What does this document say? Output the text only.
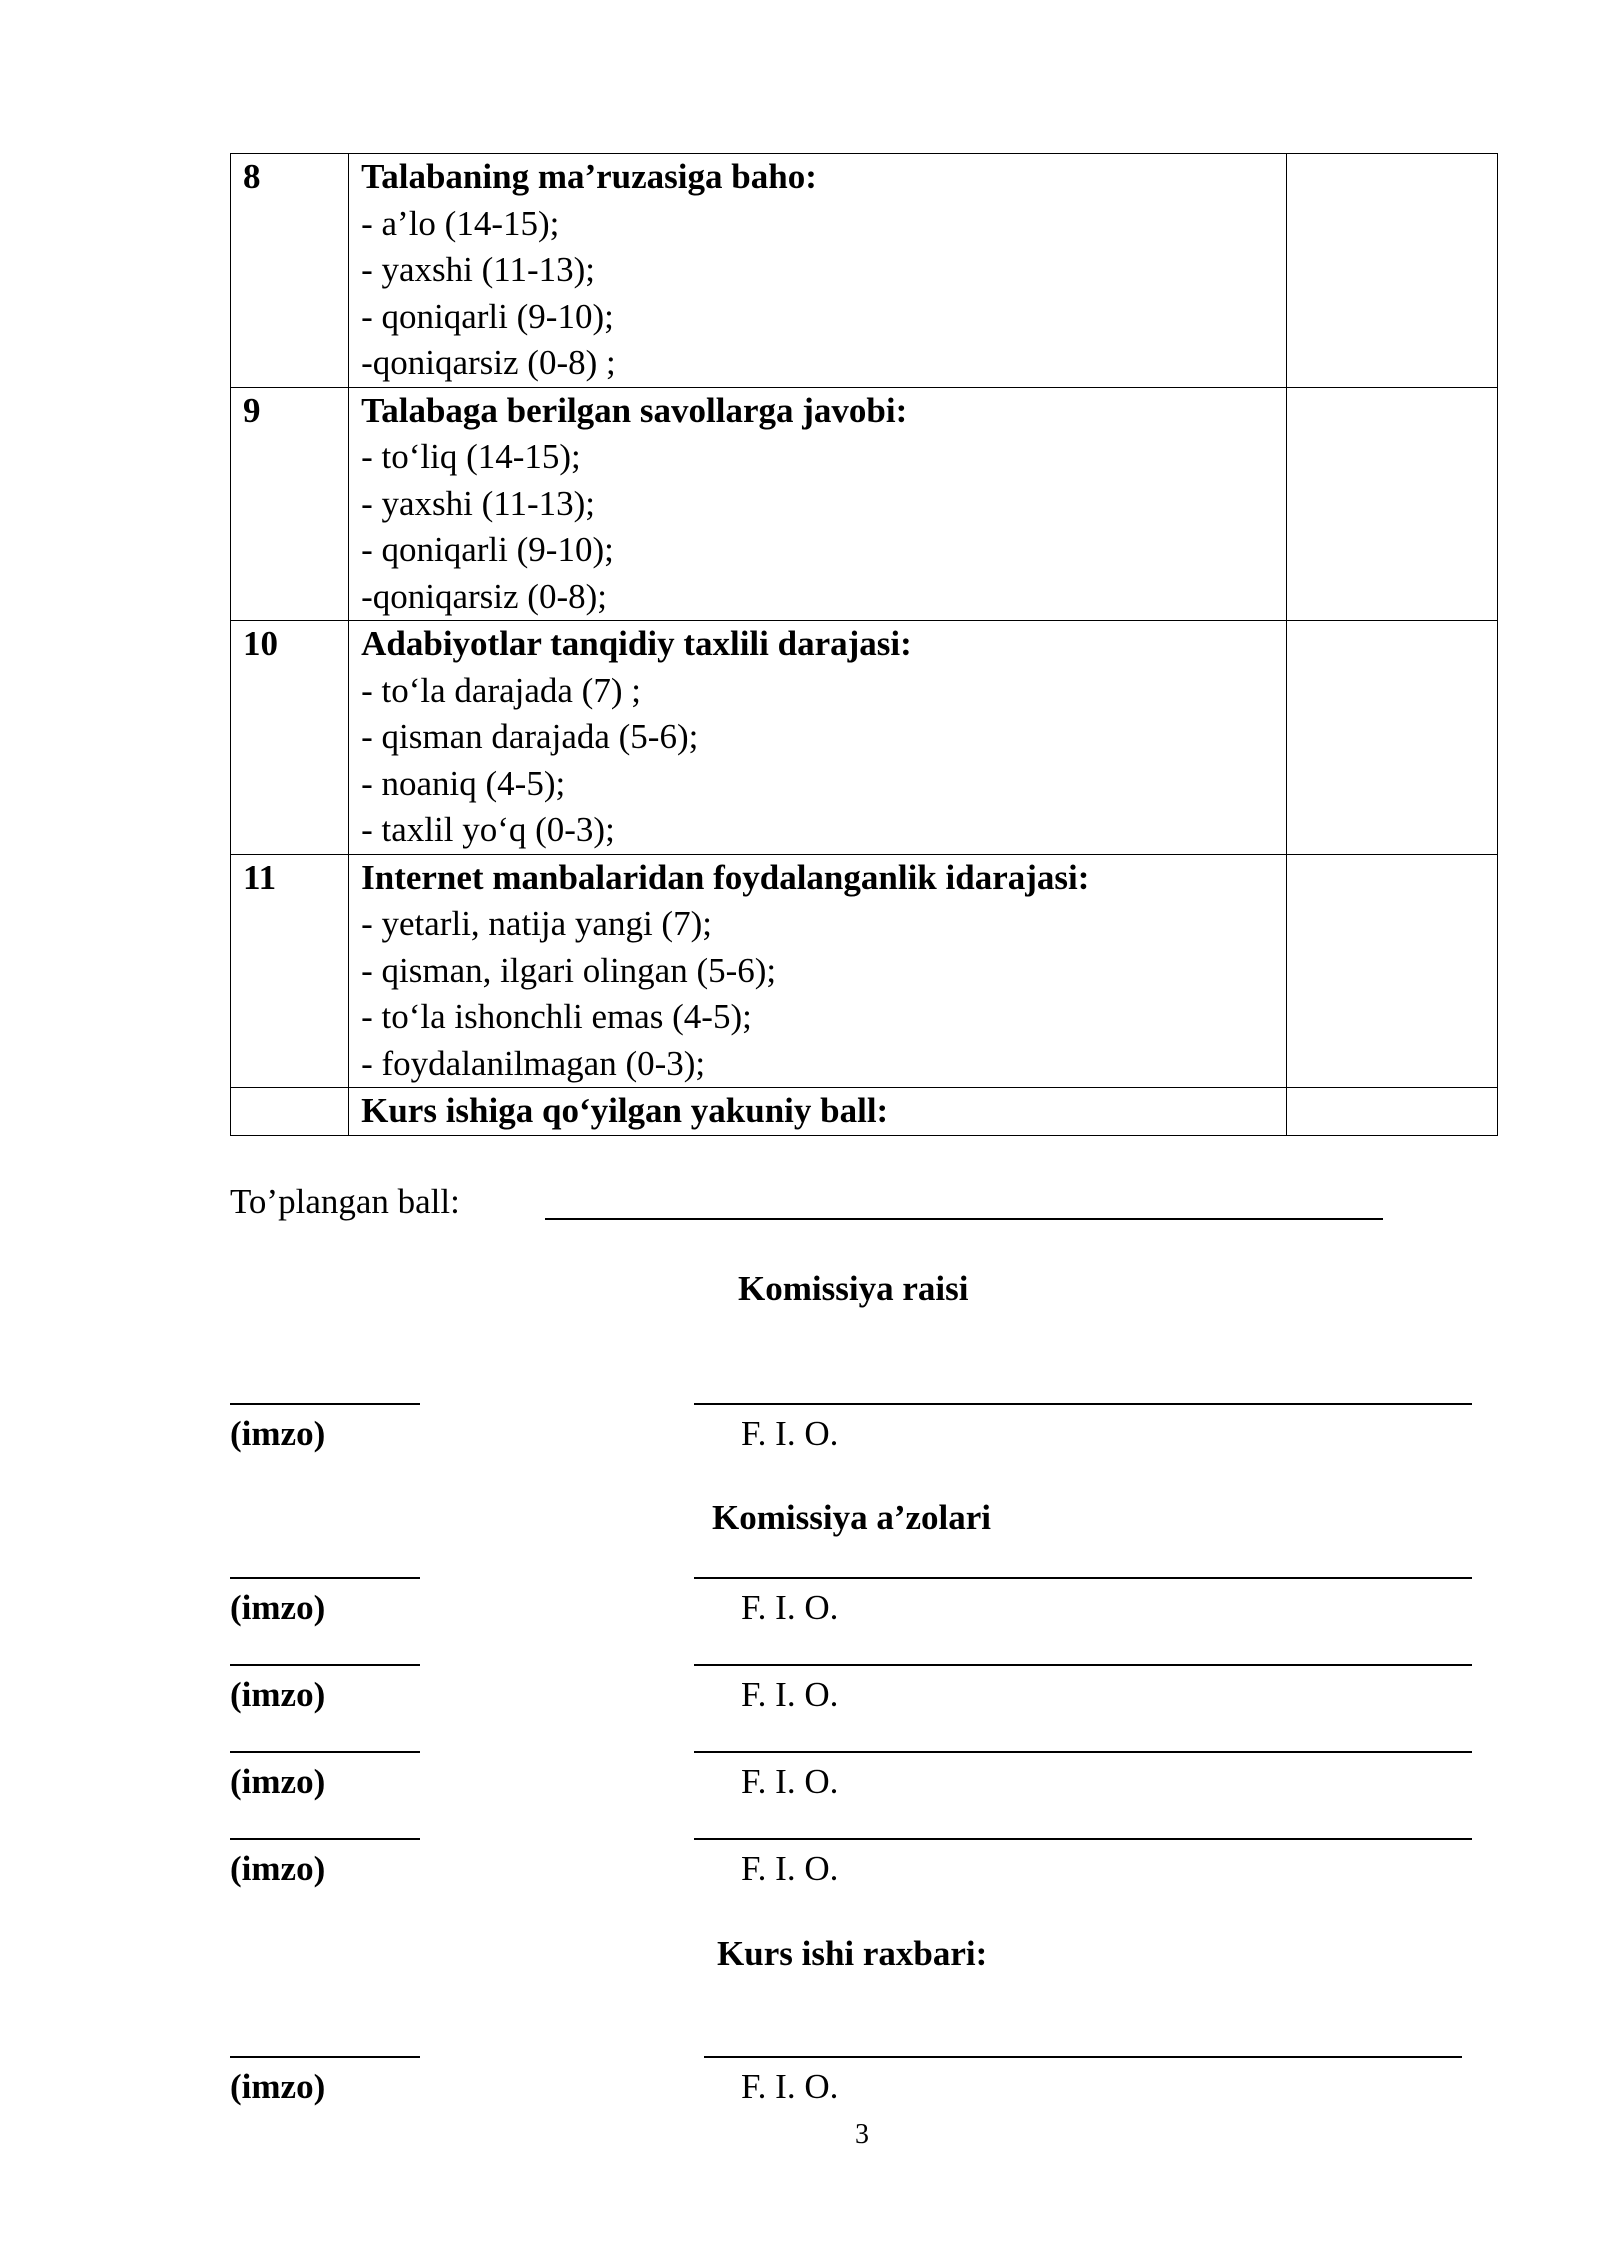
8	Talabaning ma’ruzasiga baho:
- a’lo (14-15);
- yaxshi (11-13);
- qoniqarli (9-10);
-qoniqarsiz (0-8) ;	

9	Talabaga berilgan savollarga javobi:
- to‘liq (14-15);
- yaxshi (11-13);
- qoniqarli (9-10);
-qoniqarsiz (0-8);	

10	Adabiyotlar tanqidiy taxlili darajasi:
- to‘la darajada (7) ;
- qisman darajada (5-6);
- noaniq (4-5);
- taxlil yo‘q (0-3);	

11	Internet manbalaridan foydalanganlik idarajasi:
- yetarli, natija yangi (7);
- qisman, ilgari olingan (5-6);
- to‘la ishonchli emas (4-5);
- foydalanilmagan (0-3);	

	Kurs ishiga qo‘yilgan yakuniy ball:	

To’plangan ball:
Komissiya raisi
(imzo)	F. I. O.
Komissiya a’zolari
(imzo)	F. I. O.
(imzo)	F. I. O.
(imzo)	F. I. O.
(imzo)	F. I. O.
Kurs ishi raxbari:
(imzo)	F. I. O.
3
